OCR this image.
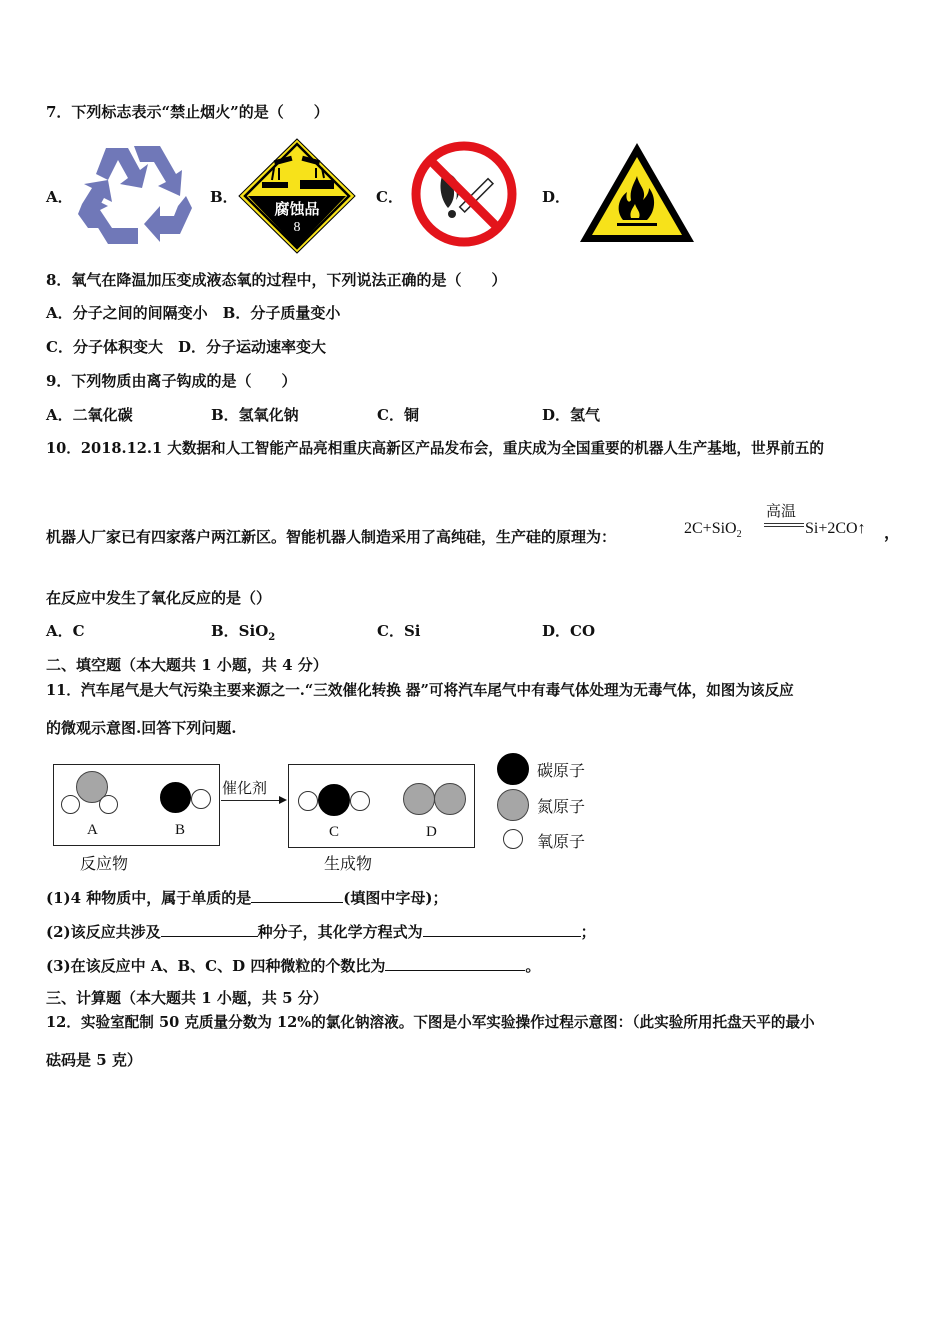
7．下列标志表示“禁止烟火”的是（　　）
A．	B．
腐蚀品
8
C．	D．
8．氧气在降温加压变成液态氧的过程中，下列说法正确的是（　　）
A．分子之间的间隔变小　B．分子质量变小
C．分子体积变大　D．分子运动速率变大
9．下列物质由离子钩成的是（　　）
A．二氧化碳	B．氢氧化钠	C．铜	D．氢气
10．2018.12.1 大数据和人工智能产品亮相重庆高新区产品发布会，重庆成为全国重要的机器人生产基地，世界前五的
机器人厂家已有四家落户两江新区。智能机器人制造采用了高纯硅，生产硅的原理为：	2C+SiO$_2$
高温
Si+2CO↑ ，
在反应中发生了氧化反应的是（）
A．C	B．SiO$_2$	C．Si	D．CO
二、填空题（本大题共 1 小题，共 4 分）
11．汽车尾气是大气污染主要来源之一.“三效催化转换 器”可将汽车尾气中有毒气体处理为无毒气体，如图为该反应
的微观示意图.回答下列问题.
A	B
催化剂
C	D
反应物	生成物
碳原子
氮原子
氧原子
(1)4 种物质中，属于单质的是	(填图中字母)；
(2)该反应共涉及	种分子，其化学方程式为	；
(3)在该反应中 A、B、C、D 四种微粒的个数比为	。
三、计算题（本大题共 1 小题，共 5 分）
12．实验室配制 50 克质量分数为 12%的氯化钠溶液。下图是小军实验操作过程示意图：（此实验所用托盘天平的最小
砝码是 5 克）
